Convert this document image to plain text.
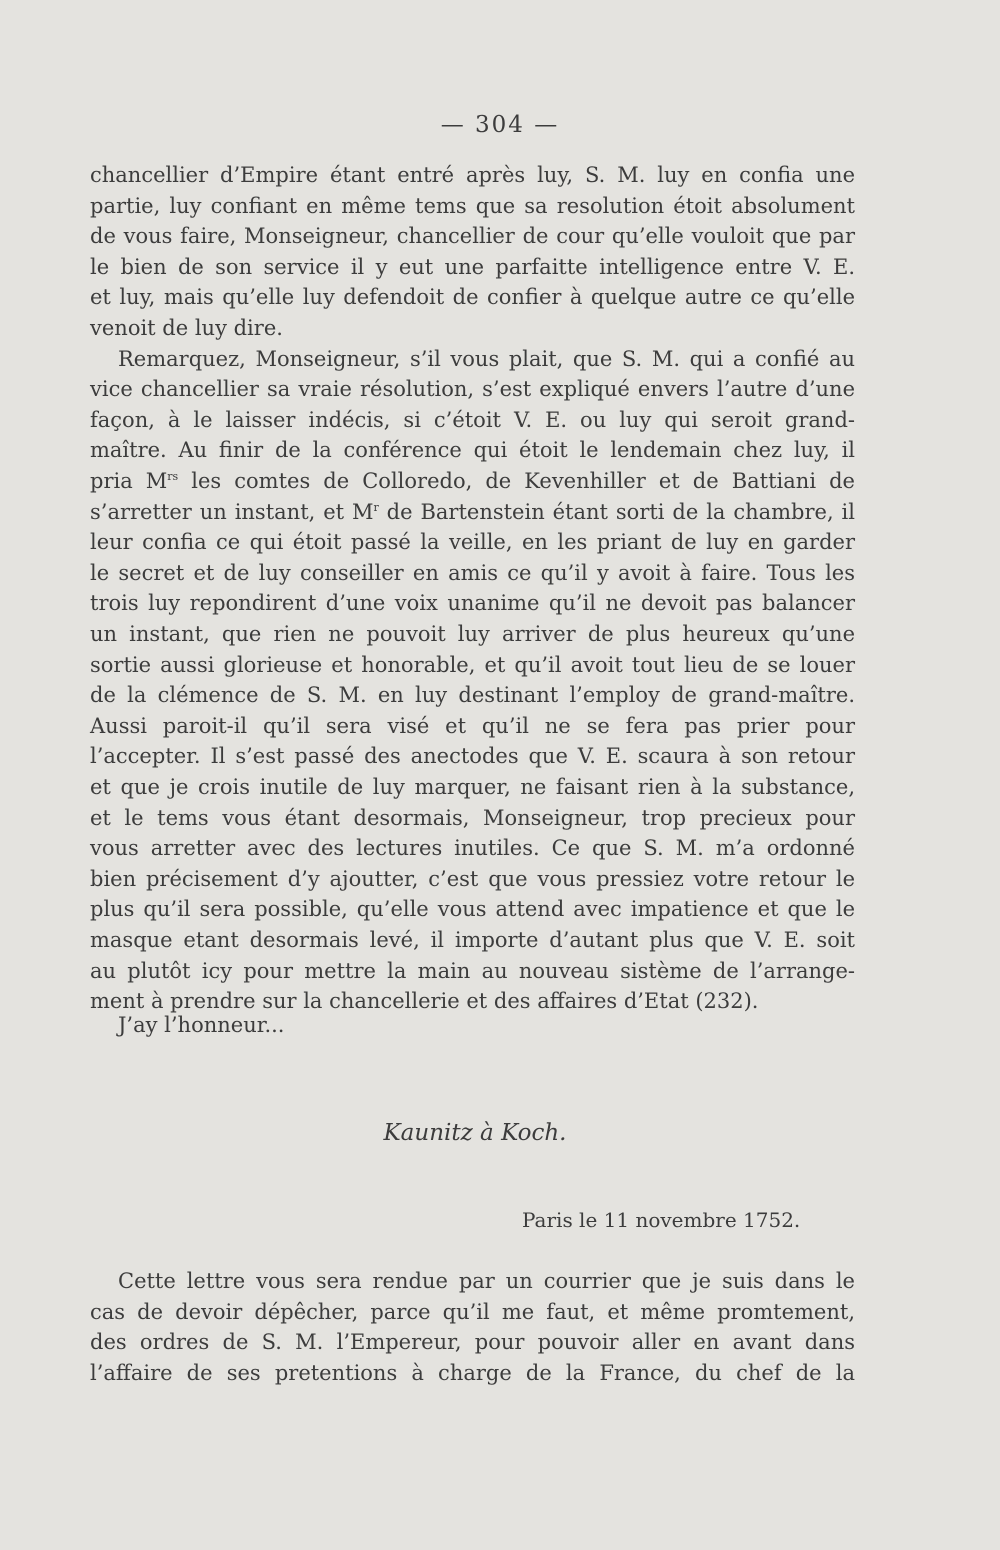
— 304 —
chancellier d’Empire étant entré après luy, S. M. luy en confia une
partie, luy confiant en même tems que sa resolution étoit absolument
de vous faire, Monseigneur, chancellier de cour qu’elle vouloit que par
le bien de son service il y eut une parfaitte intelligence entre V. E.
et luy, mais qu’elle luy defendoit de confier à quelque autre ce qu’elle
venoit de luy dire.
Remarquez, Monseigneur, s’il vous plait, que S. M. qui a confié au
vice chancellier sa vraie résolution, s’est expliqué envers l’autre d’une
façon, à le laisser indécis, si c’étoit V. E. ou luy qui seroit grand-
maître. Au finir de la conférence qui étoit le lendemain chez luy, il
pria $M^{rs}$ les comtes de Colloredo, de Kevenhiller et de Battiani de
s’arretter un instant, et $M^r$ de Bartenstein étant sorti de la chambre, il
leur confia ce qui étoit passé la veille, en les priant de luy en garder
le secret et de luy conseiller en amis ce qu’il y avoit à faire. Tous les
trois luy repondirent d’une voix unanime qu’il ne devoit pas balancer
un instant, que rien ne pouvoit luy arriver de plus heureux qu’une
sortie aussi glorieuse et honorable, et qu’il avoit tout lieu de se louer
de la clémence de S. M. en luy destinant l’employ de grand-maître.
Aussi paroit-il qu’il sera visé et qu’il ne se fera pas prier pour
l’accepter. Il s’est passé des anectodes que V. E. scaura à son retour
et que je crois inutile de luy marquer, ne faisant rien à la substance,
et le tems vous étant desormais, Monseigneur, trop precieux pour
vous arretter avec des lectures inutiles. Ce que S. M. m’a ordonné
bien précisement d’y ajoutter, c’est que vous pressiez votre retour le
plus qu’il sera possible, qu’elle vous attend avec impatience et que le
masque etant desormais levé, il importe d’autant plus que V. E. soit
au plutôt icy pour mettre la main au nouveau sistème de l’arrange-
ment à prendre sur la chancellerie et des affaires d’Etat (232).
J’ay l’honneur...
Kaunitz à Koch.
Paris le 11 novembre 1752.
Cette lettre vous sera rendue par un courrier que je suis dans le
cas de devoir dépêcher, parce qu’il me faut, et même promtement,
des ordres de S. M. l’Empereur, pour pouvoir aller en avant dans
l’affaire de ses pretentions à charge de la France, du chef de la
